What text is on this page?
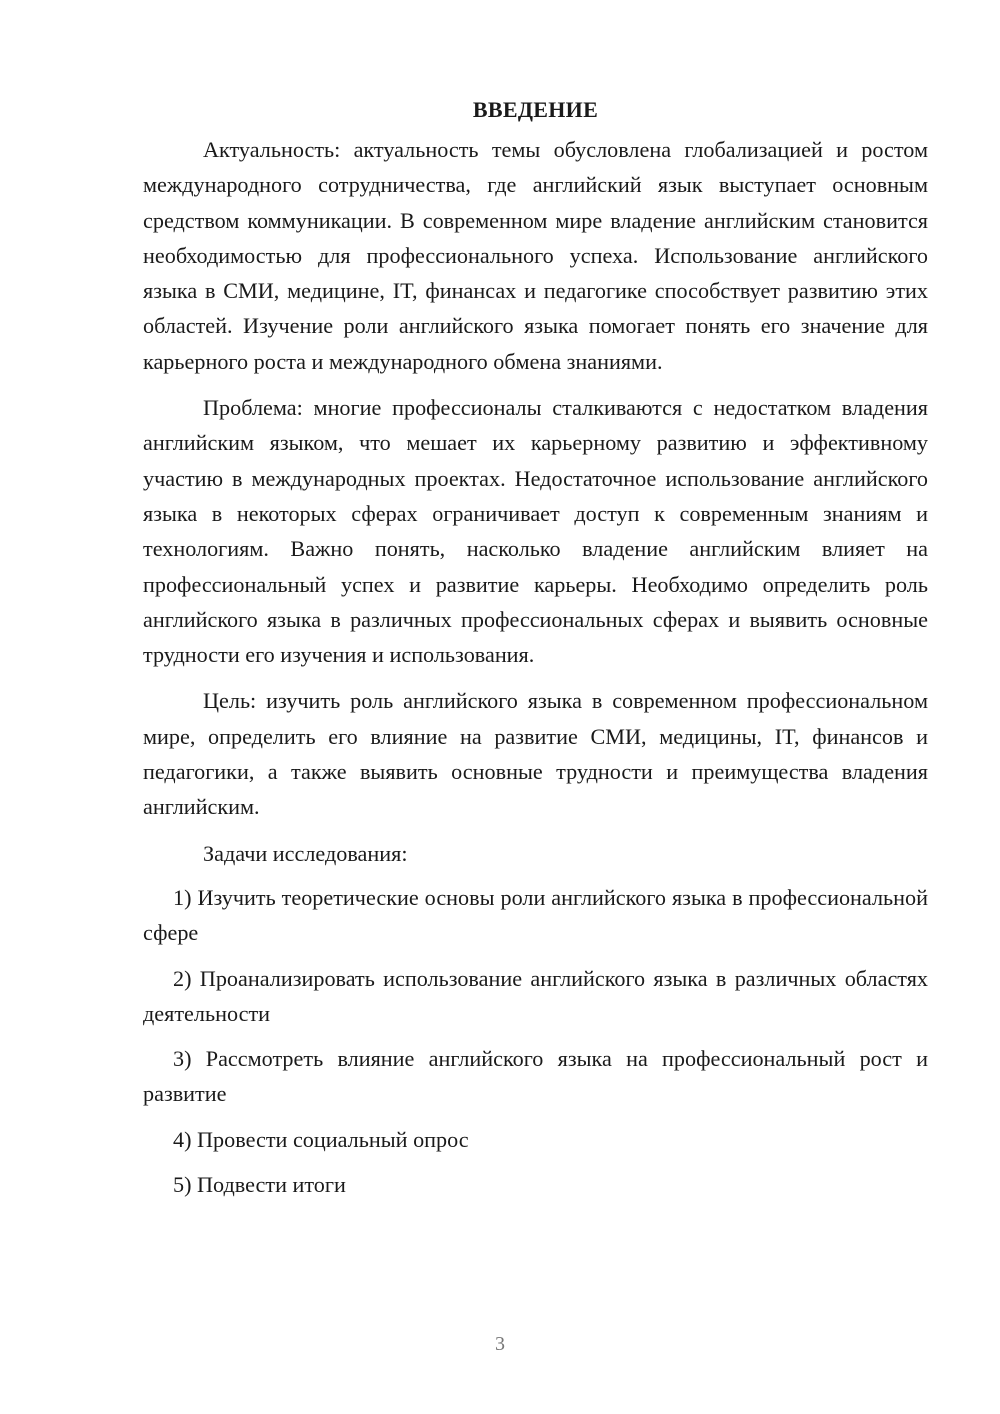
ВВЕДЕНИЕ

Актуальность: актуальность темы обусловлена глобализацией и ростом международного сотрудничества, где английский язык выступает основным средством коммуникации. В современном мире владение английским становится необходимостью для профессионального успеха. Использование английского языка в СМИ, медицине, IT, финансах и педагогике способствует развитию этих областей. Изучение роли английского языка помогает понять его значение для карьерного роста и международного обмена знаниями.

Проблема: многие профессионалы сталкиваются с недостатком владения английским языком, что мешает их карьерному развитию и эффективному участию в международных проектах. Недостаточное использование английского языка в некоторых сферах ограничивает доступ к современным знаниям и технологиям. Важно понять, насколько владение английским влияет на профессиональный успех и развитие карьеры. Необходимо определить роль английского языка в различных профессиональных сферах и выявить основные трудности его изучения и использования.

Цель: изучить роль английского языка в современном профессиональном мире, определить его влияние на развитие СМИ, медицины, IT, финансов и педагогики, а также выявить основные трудности и преимущества владения английским.

Задачи исследования:

1) Изучить теоретические основы роли английского языка в профессиональной сфере

2) Проанализировать использование английского языка в различных областях деятельности

3) Рассмотреть влияние английского языка на профессиональный рост и развитие

4) Провести социальный опрос

5) Подвести итоги

3
